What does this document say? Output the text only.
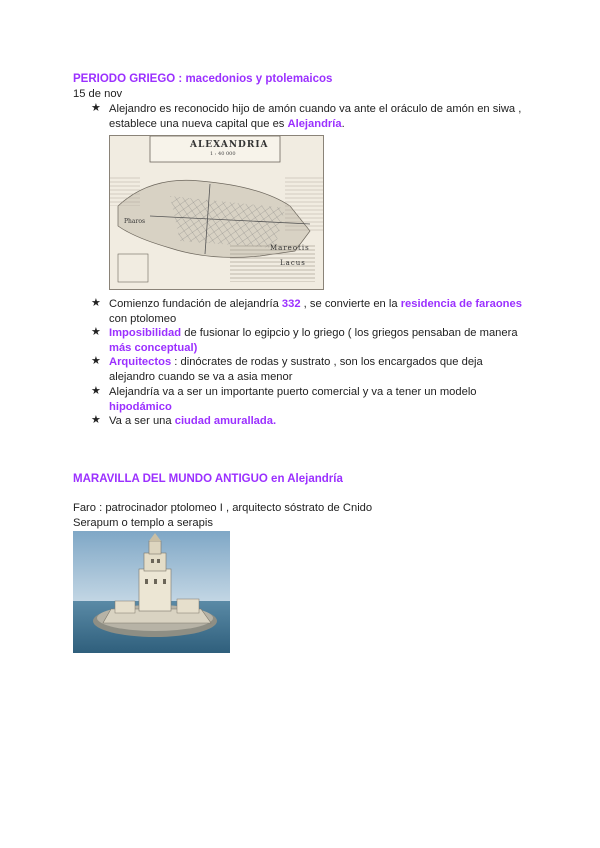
PERIODO GRIEGO : macedonios y ptolemaicos
15 de nov
★ Alejandro es reconocido hijo de amón cuando va ante el oráculo de amón en siwa ,
establece una nueva capital que es Alejandría.
ALEXANDRIA
1 : 40 000
Mareotis
Lacus
Pharos
★ Comienzo fundación de alejandría 332 , se convierte en la residencia de faraones
con ptolomeo
★ Imposibilidad de fusionar lo egipcio y lo griego ( los griegos pensaban de manera
más conceptual)
★ Arquitectos : dinócrates de rodas y sustrato , son los encargados que deja
alejandro cuando se va a asia menor
★ Alejandría va a ser un importante puerto comercial y va a tener un modelo
hipodámico
★ Va a ser una ciudad amurallada.
MARAVILLA DEL MUNDO ANTIGUO en Alejandría
Faro : patrocinador ptolomeo I , arquitecto sóstrato de Cnido
Serapum o templo a serapis
